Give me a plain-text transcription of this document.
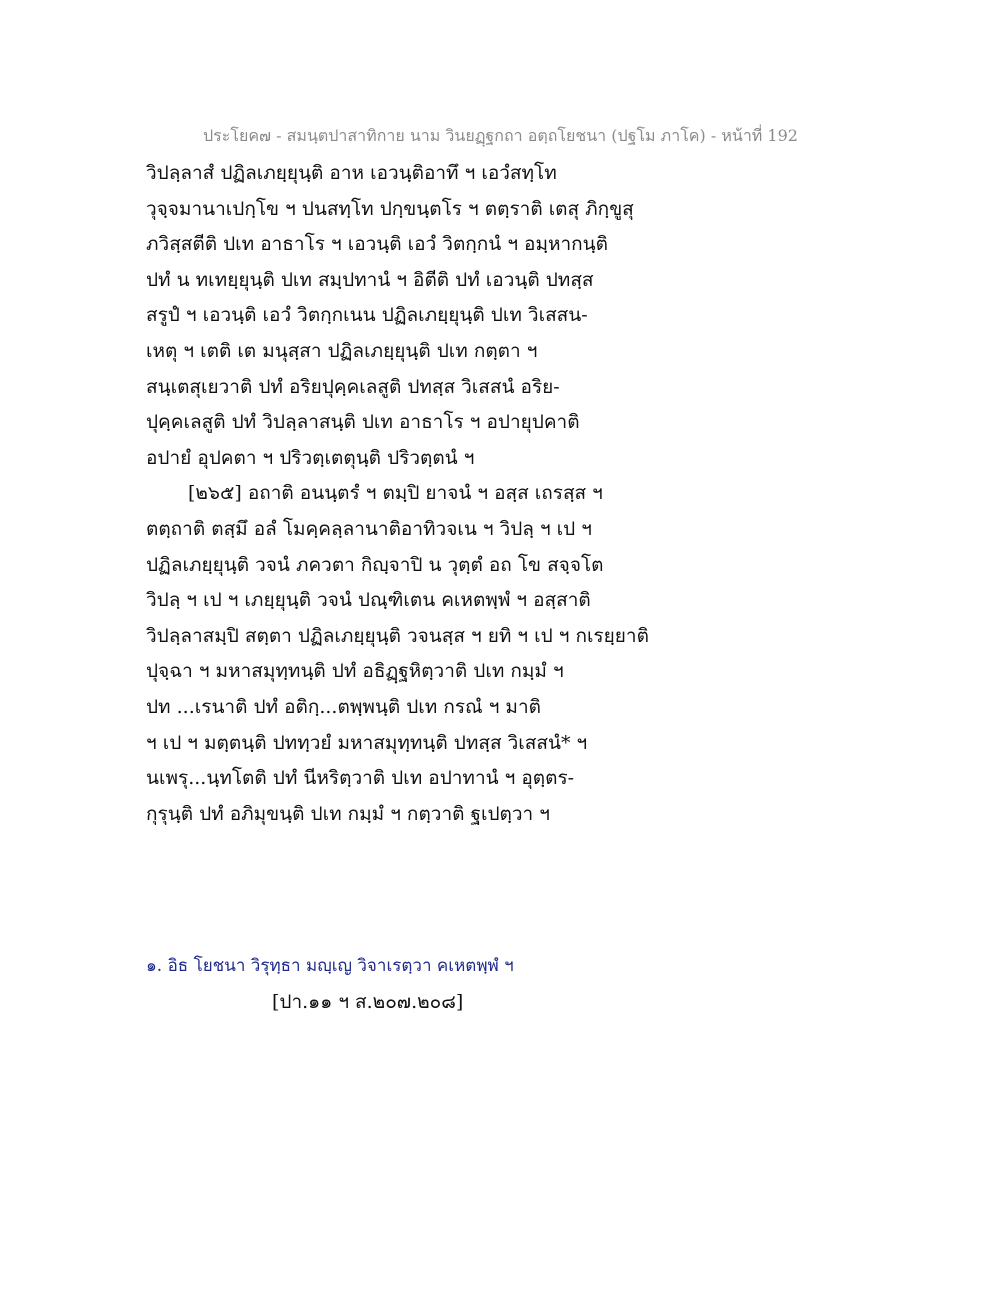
ประโยค๗ - สมนฺตปาสาทิกาย นาม วินยฏฺฐกถา อตฺถโยชนา (ปฐโม ภาโค) - หน้าที่ 192
วิปลฺลาสํ ปฏิลเภยฺยุนฺติ อาห เอวนฺติอาทึ ฯ เอวํสทฺโท
วุจฺจมานาเปกฺโข ฯ ปนสทฺโท ปกฺขนฺตโร ฯ ตตฺราติ เตสุ ภิกฺขูสุ
ภวิสฺสตีติ ปเท อาธาโร ฯ เอวนฺติ เอวํ วิตกฺกนํ ฯ อมฺหากนฺติ
ปทํ น ทเทยฺยุนฺติ ปเท สมฺปทานํ ฯ อิตีติ ปทํ เอวนฺติ ปทสฺส
สรูปํ ฯ เอวนฺติ เอวํ วิตกฺกเนน ปฏิลเภยฺยุนฺติ ปเท วิเสสน-
เหตุ ฯ เตติ เต มนุสฺสา ปฏิลเภยฺยุนฺติ ปเท กตฺตา ฯ
สนฺเตสุเยวาติ ปทํ อริยปุคฺคเลสูติ ปทสฺส วิเสสนํ อริย-
ปุคฺคเลสูติ ปทํ วิปลฺลาสนฺติ ปเท อาธาโร ฯ อปายุปคาติ
อปายํ อุปคตา ฯ ปริวตฺเตตุนฺติ ปริวตฺตนํ ฯ
[๒๖๕] อถาติ อนนฺตรํ ฯ ตมฺปิ ยาจนํ ฯ อสฺส เถรสฺส ฯ
ตตฺถาติ ตสฺมึ อลํ โมคฺคลฺลานาติอาทิวจเน ฯ วิปลฺ ฯ เป ฯ
ปฏิลเภยฺยุนฺติ วจนํ ภควตา กิญฺจาปิ น วุตฺตํ อถ โข สจฺจโต
วิปลฺ ฯ เป ฯ เภยฺยุนฺติ วจนํ ปณฺฑิเตน คเหตพฺพํ ฯ อสฺสาติ
วิปลฺลาสมฺปิ สตฺตา ปฏิลเภยฺยุนฺติ วจนสฺส ฯ ยทิ ฯ เป ฯ กเรยฺยาติ
ปุจฺฉา ฯ มหาสมุทฺทนฺติ ปทํ อธิฏฺฐหิตฺวาติ ปเท กมฺมํ ฯ
ปท ...เรนาติ ปทํ อติกฺ...ตพฺพนฺติ ปเท กรณํ ฯ มาติ
ฯ เป ฯ มตฺตนฺติ ปททฺวยํ มหาสมุทฺทนฺติ ปทสฺส วิเสสนํ* ฯ
นเพรุ...นฺทโตติ ปทํ นีหริตฺวาติ ปเท อปาทานํ ฯ อุตฺตร-
กุรุนฺติ ปทํ อภิมุขนฺติ ปเท กมฺมํ ฯ กตฺวาติ ฐเปตฺวา ฯ
๑. อิธ โยชนา วิรุทฺธา มญฺเญ วิจาเรตฺวา คเหตพฺพํ ฯ
[ปา.๑๑ ฯ ส.๒๐๗.๒๐๘]
